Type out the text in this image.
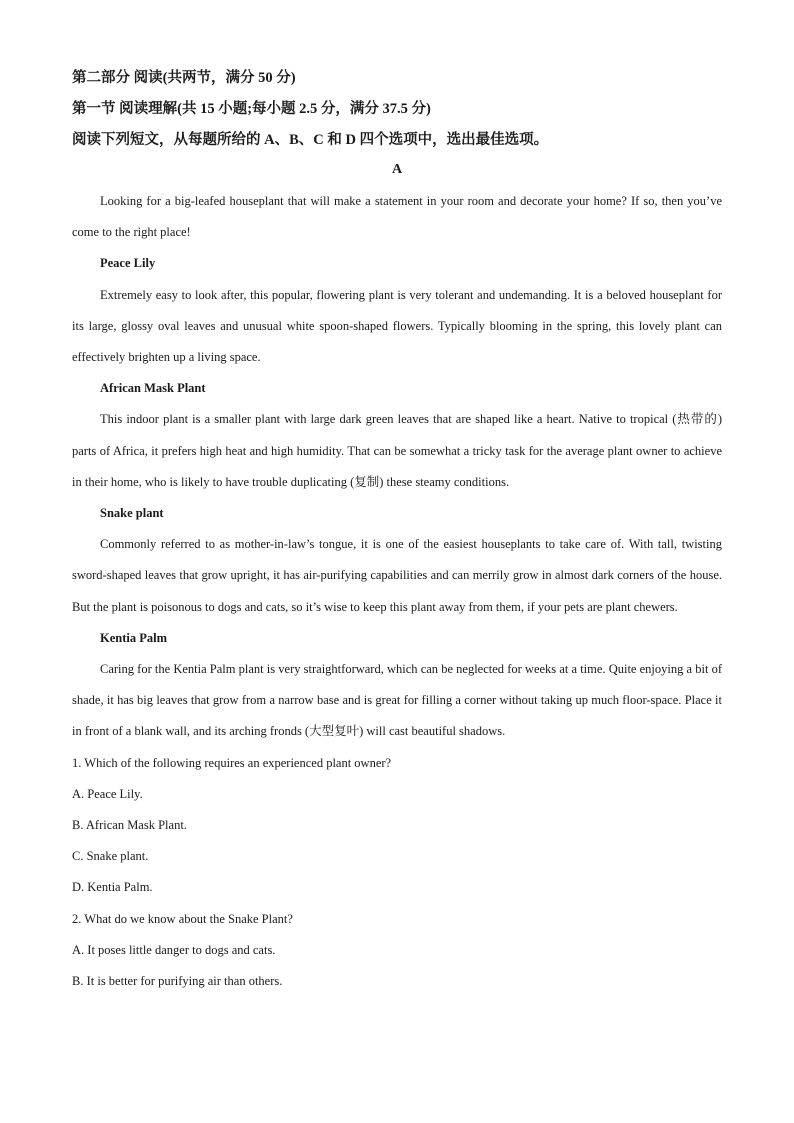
第二部分 阅读(共两节，满分 50 分)
第一节 阅读理解(共 15 小题;每小题 2.5 分，满分 37.5 分)
阅读下列短文，从每题所给的 A、B、C 和 D 四个选项中，选出最佳选项。
A

Looking for a big-leafed houseplant that will make a statement in your room and decorate your home? If so, then you’ve come to the right place!

Peace Lily

Extremely easy to look after, this popular, flowering plant is very tolerant and undemanding. It is a beloved houseplant for its large, glossy oval leaves and unusual white spoon-shaped flowers. Typically blooming in the spring, this lovely plant can effectively brighten up a living space.

African Mask Plant

This indoor plant is a smaller plant with large dark green leaves that are shaped like a heart. Native to tropical (热带的) parts of Africa, it prefers high heat and high humidity. That can be somewhat a tricky task for the average plant owner to achieve in their home, who is likely to have trouble duplicating (复制) these steamy conditions.

Snake plant

Commonly referred to as mother-in-law’s tongue, it is one of the easiest houseplants to take care of. With tall, twisting sword-shaped leaves that grow upright, it has air-purifying capabilities and can merrily grow in almost dark corners of the house. But the plant is poisonous to dogs and cats, so it’s wise to keep this plant away from them, if your pets are plant chewers.

Kentia Palm

Caring for the Kentia Palm plant is very straightforward, which can be neglected for weeks at a time. Quite enjoying a bit of shade, it has big leaves that grow from a narrow base and is great for filling a corner without taking up much floor-space. Place it in front of a blank wall, and its arching fronds (大型复叶) will cast beautiful shadows.

1. Which of the following requires an experienced plant owner?

A. Peace Lily.

B. African Mask Plant.

C. Snake plant.

D. Kentia Palm.

2. What do we know about the Snake Plant?

A. It poses little danger to dogs and cats.

B. It is better for purifying air than others.
